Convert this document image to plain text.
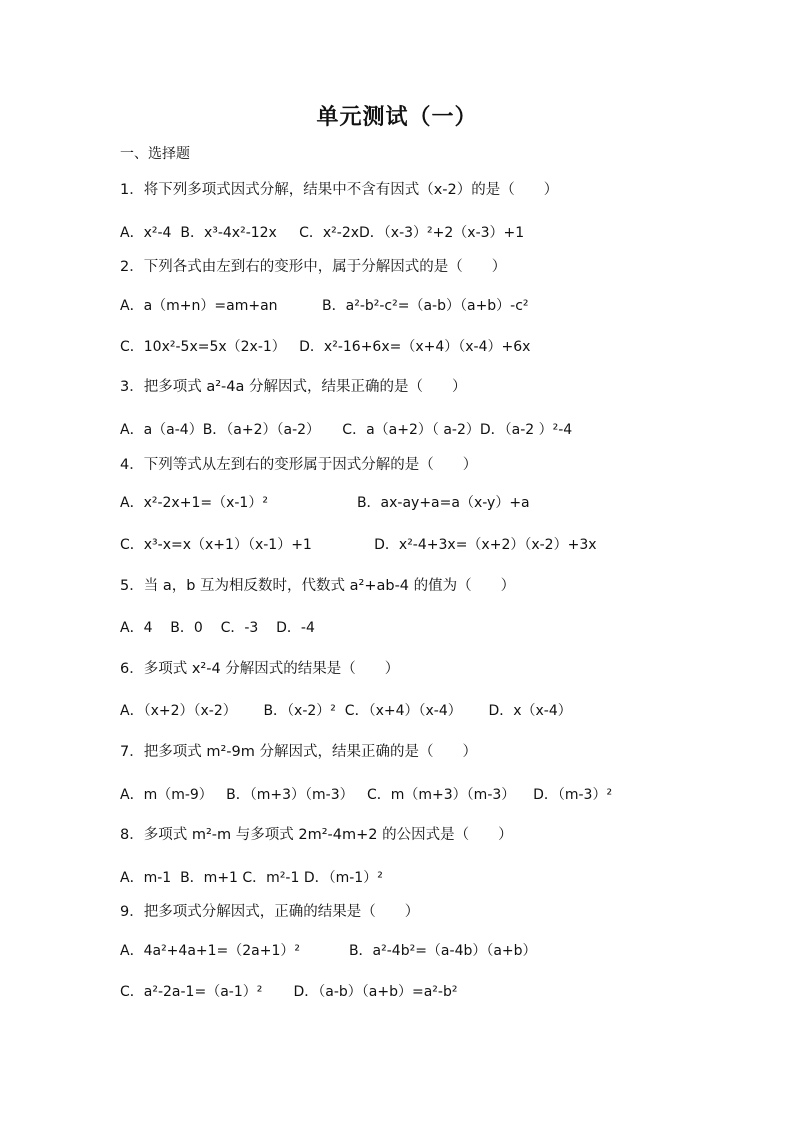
单元测试（一）
一、选择题
1．将下列多项式因式分解，结果中不含有因式（x-2）的是（　　）
A．x²-4  B．x³-4x²-12x     C．x²-2xD．（x-3）²+2（x-3）+1
2．下列各式由左到右的变形中，属于分解因式的是（　　）
A．a（m+n）=am+an          B．a²-b²-c²=（a-b）（a+b）-c²
C．10x²-5x=5x（2x-1）   D．x²-16+6x=（x+4）（x-4）+6x
3．把多项式 a²-4a 分解因式，结果正确的是（　　）
A．a（a-4）B．（a+2）（a-2）     C．a（a+2）（ a-2）D．（a-2 ）²-4
4．下列等式从左到右的变形属于因式分解的是（　　）
A．x²-2x+1=（x-1）²                    B．ax-ay+a=a（x-y）+a
C．x³-x=x（x+1）（x-1）+1              D．x²-4+3x=（x+2）（x-2）+3x
5．当 a，b 互为相反数时，代数式 a²+ab-4 的值为（　　）
A．4    B．0    C．-3    D．-4
6．多项式 x²-4 分解因式的结果是（　　）
A．（x+2）（x-2）      B．（x-2）²  C．（x+4）（x-4）      D．x（x-4）
7．把多项式 m²-9m 分解因式，结果正确的是（　　）
A．m（m-9）   B．（m+3）（m-3）   C．m（m+3）（m-3）    D．（m-3）²
8．多项式 m²-m 与多项式 2m²-4m+2 的公因式是（　　）
A．m-1  B．m+1 C．m²-1 D．（m-1）²
9．把多项式分解因式，正确的结果是（　　）
A．4a²+4a+1=（2a+1）²           B．a²-4b²=（a-4b）（a+b）
C．a²-2a-1=（a-1）²       D．（a-b）（a+b）=a²-b²
